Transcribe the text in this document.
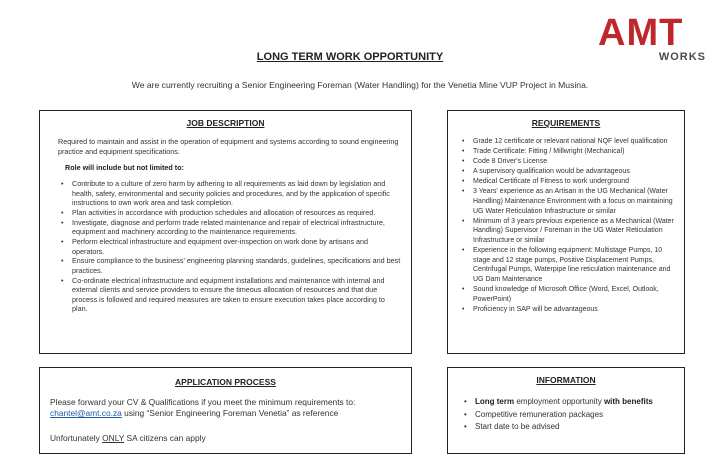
AMT
WORKS
LONG TERM WORK OPPORTUNITY
We are currently recruiting a Senior Engineering Foreman (Water Handling) for the Venetia Mine VUP Project in Musina.
JOB DESCRIPTION
Required to maintain and assist in the operation of equipment and systems according to sound engineering practice and equipment specifications.
Role will include but not limited to:
• Contribute to a culture of zero harm by adhering to all requirements as laid down by legislation and health, safety, environmental and security policies and procedures, and by the application of specific instructions to own work area and task completion.
• Plan activities in accordance with production schedules and allocation of resources as required.
• Investigate, diagnose and perform trade related maintenance and repair of electrical infrastructure, equipment and machinery according to the maintenance requirements.
• Perform electrical infrastructure and equipment over-inspection on work done by artisans and operators.
• Ensure compliance to the business' engineering planning standards, guidelines, specifications and best practices.
• Co-ordinate electrical infrastructure and equipment installations and maintenance with internal and external clients and service providers to ensure the timeous allocation of resources and that due process is followed and required measures are taken to ensure execution takes place according to plan.
REQUIREMENTS
• Grade 12 certificate or relevant national NQF level qualification
• Trade Certificate: Fitting / Millwright (Mechanical)
• Code 8 Driver's License
• A supervisory qualification would be advantageous
• Medical Certificate of Fitness to work underground
• 3 Years' experience as an Artisan in the UG Mechanical (Water Handling) Maintenance Environment with a focus on maintaining UG Water Reticulation Infrastructure or similar
• Minimum of 3 years previous experience as a Mechanical (Water Handling) Supervisor / Foreman in the UG Water Reticulation Infrastructure or similar
• Experience in the following equipment: Multistage Pumps, 10 stage and 12 stage pumps, Positive Displacement Pumps, Centrifugal Pumps, Waterpipe line reticulation maintenance and UG Dam Maintenance
• Sound knowledge of Microsoft Office (Word, Excel, Outlook, PowerPoint)
• Proficiency in SAP will be advantageous
APPLICATION PROCESS
Please forward your CV & Qualifications if you meet the minimum requirements to:
chantel@amt.co.za using “Senior Engineering Foreman Venetia” as reference
Unfortunately ONLY SA citizens can apply
INFORMATION
• Long term employment opportunity with benefits
• Competitive remuneration packages
• Start date to be advised
